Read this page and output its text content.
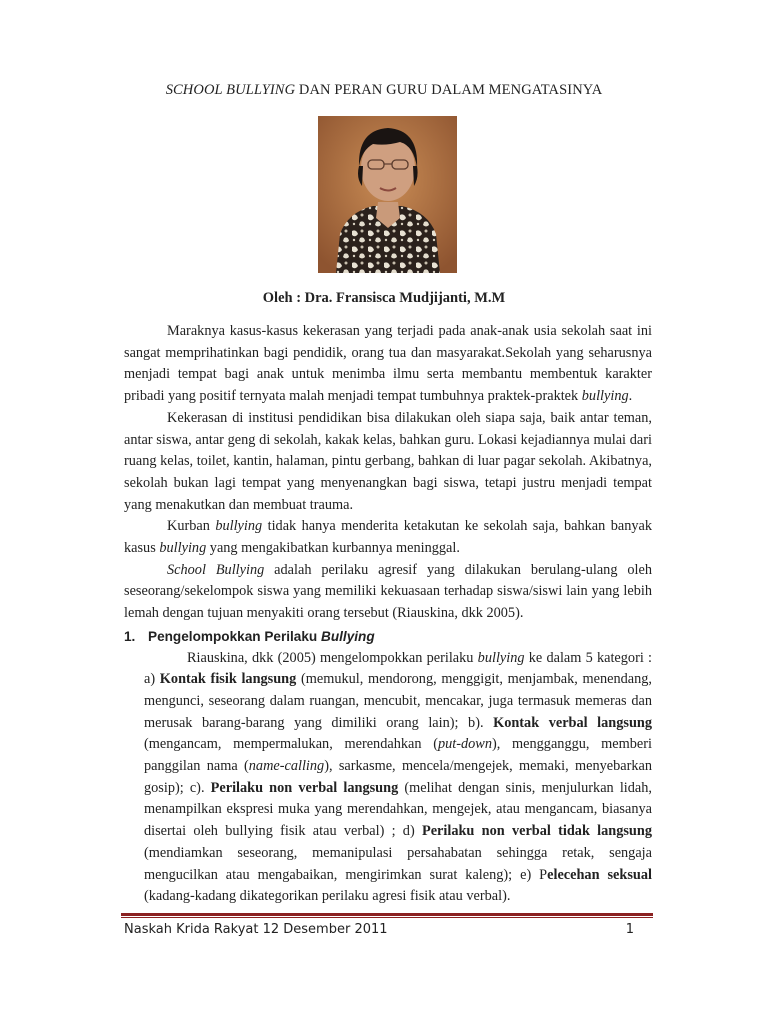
SCHOOL BULLYING DAN PERAN GURU DALAM MENGATASINYA
Oleh : Dra. Fransisca Mudjijanti, M.M

Maraknya kasus-kasus kekerasan yang terjadi pada anak-anak usia sekolah saat ini sangat memprihatinkan bagi pendidik, orang tua dan masyarakat.Sekolah yang seharusnya menjadi tempat bagi anak untuk menimba ilmu serta membantu membentuk karakter pribadi yang positif ternyata malah menjadi tempat tumbuhnya praktek-praktek bullying.

Kekerasan di institusi pendidikan bisa dilakukan oleh siapa saja, baik antar teman, antar siswa, antar geng di sekolah, kakak kelas, bahkan guru. Lokasi kejadiannya mulai dari ruang kelas, toilet, kantin, halaman, pintu gerbang, bahkan di luar pagar sekolah. Akibatnya, sekolah bukan lagi tempat yang menyenangkan bagi siswa, tetapi justru menjadi tempat yang menakutkan dan membuat trauma.

Kurban bullying tidak hanya menderita ketakutan ke sekolah saja, bahkan banyak kasus bullying yang mengakibatkan kurbannya meninggal.

School Bullying adalah perilaku agresif yang dilakukan berulang-ulang oleh seseorang/sekelompok siswa yang memiliki kekuasaan terhadap siswa/siswi lain yang lebih lemah dengan tujuan menyakiti orang tersebut (Riauskina, dkk 2005).

1. Pengelompokkan Perilaku Bullying

Riauskina, dkk (2005) mengelompokkan perilaku bullying ke dalam 5 kategori : a) Kontak fisik langsung (memukul, mendorong, menggigit, menjambak, menendang, mengunci, seseorang dalam ruangan, mencubit, mencakar, juga termasuk memeras dan merusak barang-barang yang dimiliki orang lain); b). Kontak verbal langsung (mengancam, mempermalukan, merendahkan (put-down), mengganggu, memberi panggilan nama (name-calling), sarkasme, mencela/mengejek, memaki, menyebarkan gosip); c). Perilaku non verbal langsung (melihat dengan sinis, menjulurkan lidah, menampilkan ekspresi muka yang merendahkan, mengejek, atau mengancam, biasanya disertai oleh bullying fisik atau verbal) ; d) Perilaku non verbal tidak langsung (mendiamkan seseorang, memanipulasi persahabatan sehingga retak, sengaja mengucilkan atau mengabaikan, mengirimkan surat kaleng); e) Pelecehan seksual (kadang-kadang dikategorikan perilaku agresi fisik atau verbal).

Naskah Krida Rakyat 12 Desember 2011	1
